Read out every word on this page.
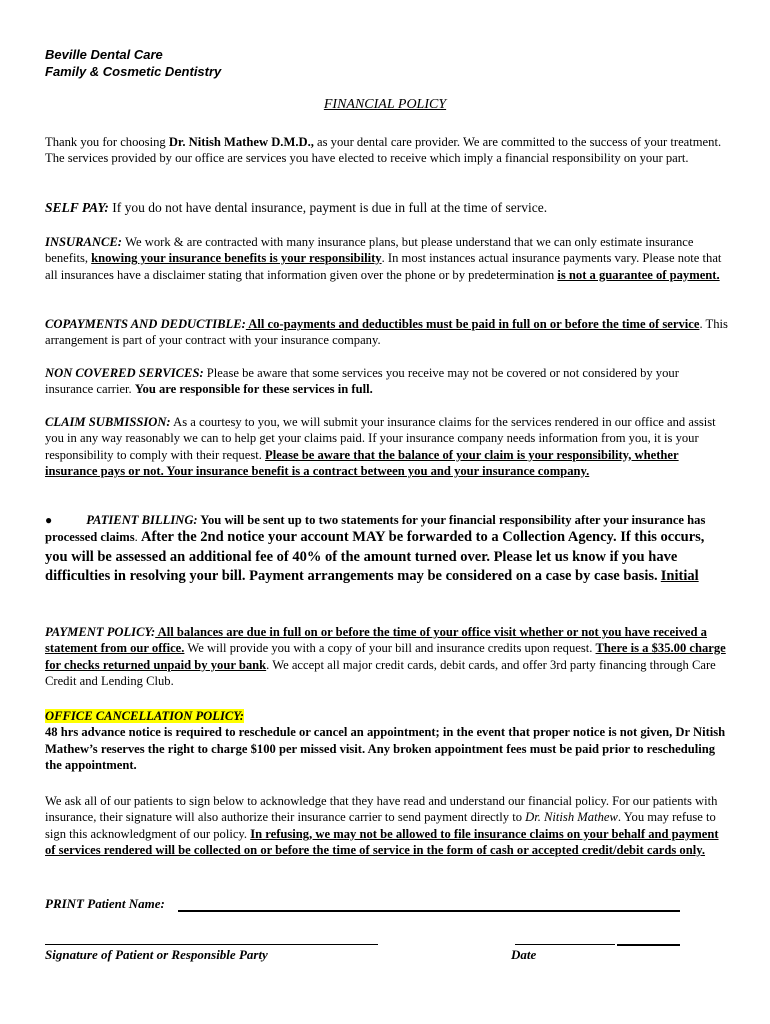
Beville Dental Care
Family & Cosmetic Dentistry
FINANCIAL POLICY
Thank you for choosing Dr. Nitish Mathew D.M.D., as your dental care provider. We are committed to the success of your treatment. The services provided by our office are services you have elected to receive which imply a financial responsibility on your part.
SELF PAY: If you do not have dental insurance, payment is due in full at the time of service.
INSURANCE: We work & are contracted with many insurance plans, but please understand that we can only estimate insurance benefits, knowing your insurance benefits is your responsibility. In most instances actual insurance payments vary. Please note that all insurances have a disclaimer stating that information given over the phone or by predetermination is not a guarantee of payment.
COPAYMENTS AND DEDUCTIBLE: All co-payments and deductibles must be paid in full on or before the time of service. This arrangement is part of your contract with your insurance company.
NON COVERED SERVICES: Please be aware that some services you receive may not be covered or not considered by your insurance carrier. You are responsible for these services in full.
CLAIM SUBMISSION: As a courtesy to you, we will submit your insurance claims for the services rendered in our office and assist you in any way reasonably we can to help get your claims paid. If your insurance company needs information from you, it is your responsibility to comply with their request. Please be aware that the balance of your claim is your responsibility, whether insurance pays or not. Your insurance benefit is a contract between you and your insurance company.
●	PATIENT BILLING: You will be sent up to two statements for your financial responsibility after your insurance has processed claims. After the 2nd notice your account MAY be forwarded to a Collection Agency. If this occurs, you will be assessed an additional fee of 40% of the amount turned over. Please let us know if you have difficulties in resolving your bill. Payment arrangements may be considered on a case by case basis. Initial
PAYMENT POLICY: All balances are due in full on or before the time of your office visit whether or not you have received a statement from our office. We will provide you with a copy of your bill and insurance credits upon request. There is a $35.00 charge for checks returned unpaid by your bank. We accept all major credit cards, debit cards, and offer 3rd party financing through Care Credit and Lending Club.
OFFICE CANCELLATION POLICY:
48 hrs advance notice is required to reschedule or cancel an appointment; in the event that proper notice is not given, Dr Nitish Mathew’s reserves the right to charge $100 per missed visit. Any broken appointment fees must be paid prior to rescheduling the appointment.
We ask all of our patients to sign below to acknowledge that they have read and understand our financial policy. For our patients with insurance, their signature will also authorize their insurance carrier to send payment directly to Dr. Nitish Mathew. You may refuse to sign this acknowledgment of our policy. In refusing, we may not be allowed to file insurance claims on your behalf and payment of services rendered will be collected on or before the time of service in the form of cash or accepted credit/debit cards only.
PRINT Patient Name:
Signature of Patient or Responsible Party	Date
